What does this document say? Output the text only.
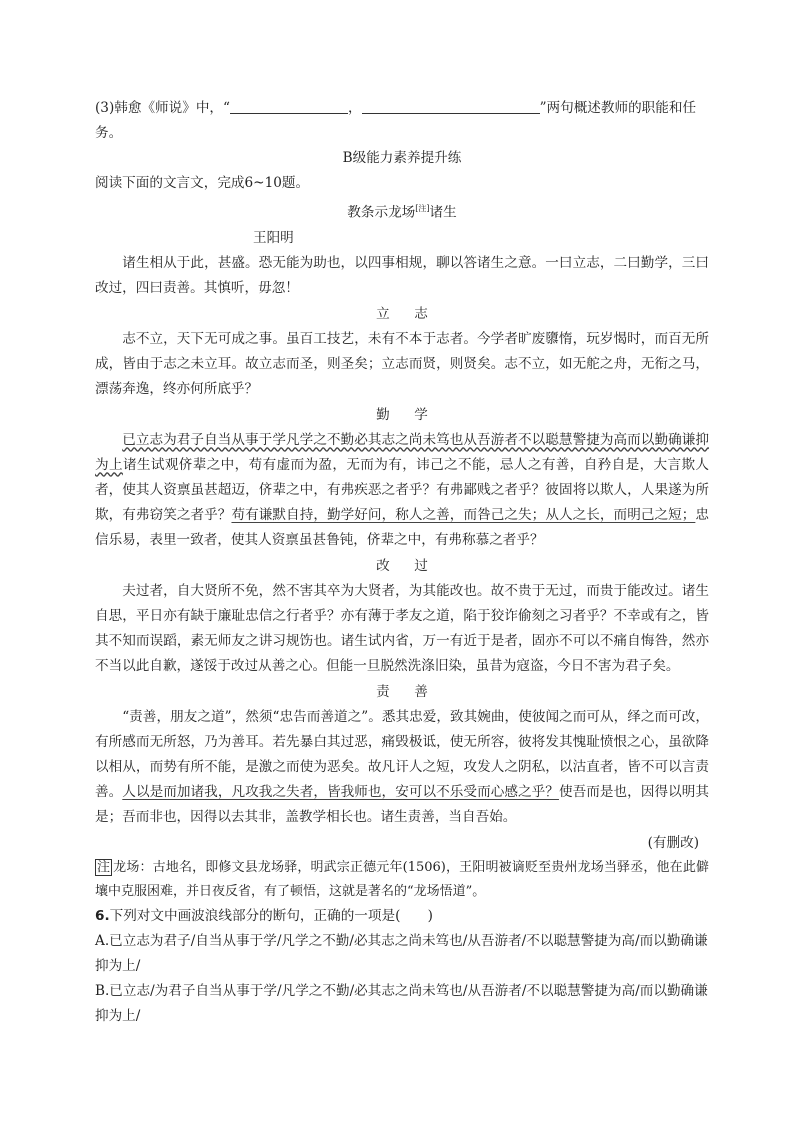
(3)韩愈《师说》中，“	，	”两句概述教师的职能和任务。
B级能力素养提升练
阅读下面的文言文，完成6~10题。
教条示龙场[注]诸生
王阳明

诸生相从于此，甚盛。恐无能为助也，以四事相规，聊以答诸生之意。一曰立志，二曰勤学，三曰改过，四曰责善。其慎听，毋忽！

立志

志不立，天下无可成之事。虽百工技艺，未有不本于志者。今学者旷废隳惰，玩岁愒时，而百无所成，皆由于志之未立耳。故立志而圣，则圣矣；立志而贤，则贤矣。志不立，如无舵之舟，无衔之马，漂荡奔逸，终亦何所底乎？

勤学

已立志为君子自当从事于学凡学之不勤必其志之尚未笃也从吾游者不以聪慧警捷为高而以勤确谦抑为上诸生试观侪辈之中，苟有虚而为盈，无而为有，讳己之不能，忌人之有善，自矜自是，大言欺人者，使其人资禀虽甚超迈，侪辈之中，有弗疾恶之者乎？有弗鄙贱之者乎？彼固将以欺人，人果遂为所欺，有弗窃笑之者乎？苟有谦默自持，勤学好问，称人之善，而咎己之失；从人之长，而明己之短；忠信乐易，表里一致者，使其人资禀虽甚鲁钝，侪辈之中，有弗称慕之者乎？

改过

夫过者，自大贤所不免，然不害其卒为大贤者，为其能改也。故不贵于无过，而贵于能改过。诸生自思，平日亦有缺于廉耻忠信之行者乎？亦有薄于孝友之道，陷于狡诈偷刻之习者乎？不幸或有之，皆其不知而误蹈，素无师友之讲习规饬也。诸生试内省，万一有近于是者，固亦不可以不痛自悔咎，然亦不当以此自歉，遂馁于改过从善之心。但能一旦脱然洗涤旧染，虽昔为寇盗，今日不害为君子矣。

责善

“责善，朋友之道”，然须“忠告而善道之”。悉其忠爱，致其婉曲，使彼闻之而可从，绎之而可改，有所感而无所怒，乃为善耳。若先暴白其过恶，痛毁极诋，使无所容，彼将发其愧耻愤恨之心，虽欲降以相从，而势有所不能，是激之而使为恶矣。故凡讦人之短，攻发人之阴私，以沽直者，皆不可以言责善。人以是而加诸我，凡攻我之失者，皆我师也，安可以不乐受而心感之乎？使吾而是也，因得以明其是；吾而非也，因得以去其非，盖教学相长也。诸生责善，当自吾始。

(有删改)

注 龙场：古地名，即修文县龙场驿，明武宗正德元年(1506)，王阳明被谪贬至贵州龙场当驿丞，他在此僻壤中克服困难，并日夜反省，有了顿悟，这就是著名的“龙场悟道”。

6.下列对文中画波浪线部分的断句，正确的一项是(　　)
A.已立志为君子/自当从事于学/凡学之不勤/必其志之尚未笃也/从吾游者/不以聪慧警捷为高/而以勤确谦抑为上/
B.已立志/为君子自当从事于学/凡学之不勤/必其志之尚未笃也/从吾游者/不以聪慧警捷为高/而以勤确谦抑为上/
